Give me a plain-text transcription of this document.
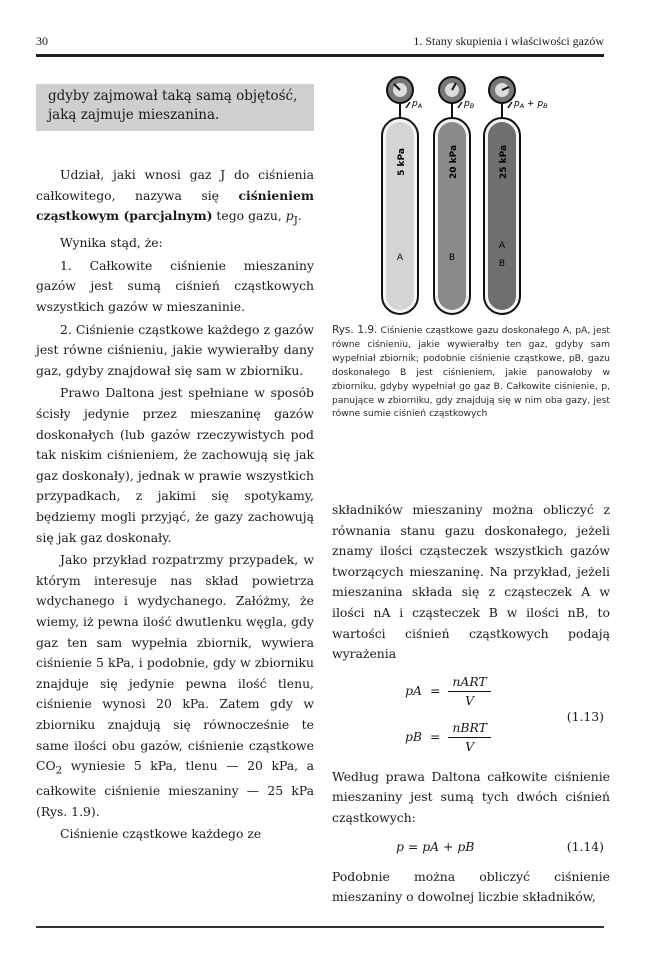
30	1. Stany skupienia i właściwości gazów
gdyby zajmował taką samą objętość,
jaką zajmuje mieszanina.

Udział, jaki wnosi gaz J do ciśnienia całkowitego, nazywa się ciśnieniem cząstkowym (parcjalnym) tego gazu, $p_J$.

Wynika stąd, że:

1. Całkowite ciśnienie mieszaniny gazów jest sumą ciśnień cząstkowych wszystkich gazów w mieszaninie.

2. Ciśnienie cząstkowe każdego z gazów jest równe ciśnieniu, jakie wywierałby dany gaz, gdyby znajdował się sam w zbiorniku.

Prawo Daltona jest spełniane w sposób ścisły jedynie przez mieszaninę gazów doskonałych (lub gazów rzeczywistych pod tak niskim ciśnieniem, że zachowują się jak gaz doskonały), jednak w prawie wszystkich przypadkach, z jakimi się spotykamy, będziemy mogli przyjąć, że gazy zachowują się jak gaz doskonały.

Jako przykład rozpatrzmy przypadek, w którym interesuje nas skład powietrza wdychanego i wydychanego. Załóżmy, że wiemy, iż pewna ilość dwutlenku węgla, gdy gaz ten sam wypełnia zbiornik, wywiera ciśnienie 5 kPa, i podobnie, gdy w zbiorniku znajduje się jedynie pewna ilość tlenu, ciśnienie wynosi 20 kPa. Zatem gdy w zbiorniku znajdują się równocześnie te same ilości obu gazów, ciśnienie cząstkowe $CO_2$ wyniesie 5 kPa, tlenu — 20 kPa, a całkowite ciśnienie mieszaniny — 25 kPa (Rys. 1.9).

Ciśnienie cząstkowe każdego ze

$p_A$	$p_B$	$p_A + p_B$
5 kPa
A
20 kPa
B
25 kPa
A
B
Rys. 1.9. Ciśnienie cząstkowe gazu doskonałego A, pA, jest równe ciśnieniu, jakie wywierałby ten gaz, gdyby sam wypełniał zbiornik; podobnie ciśnienie cząstkowe, pB, gazu doskonałego B jest ciśnieniem, jakie panowałoby w zbiorniku, gdyby wypełniał go gaz B. Całkowite ciśnienie, p, panujące w zbiorniku, gdy znajdują się w nim oba gazy, jest równe sumie ciśnień cząstkowych

składników mieszaniny można obliczyć z równania stanu gazu doskonałego, jeżeli znamy ilości cząsteczek wszystkich gazów tworzących mieszaninę. Na przykład, jeżeli mieszanina składa się z cząsteczek A w ilości nA i cząsteczek B w ilości nB, to wartości ciśnień cząstkowych podają wyrażenia

pA = $\frac{\text{nART}}{V}$
pB = $\frac{\text{nBRT}}{V}$
(1.13)

Według prawa Daltona całkowite ciśnienie mieszaniny jest sumą tych dwóch ciśnień cząstkowych:

p = pA + pB	(1.14)

Podobnie można obliczyć ciśnienie mieszaniny o dowolnej liczbie składników,
